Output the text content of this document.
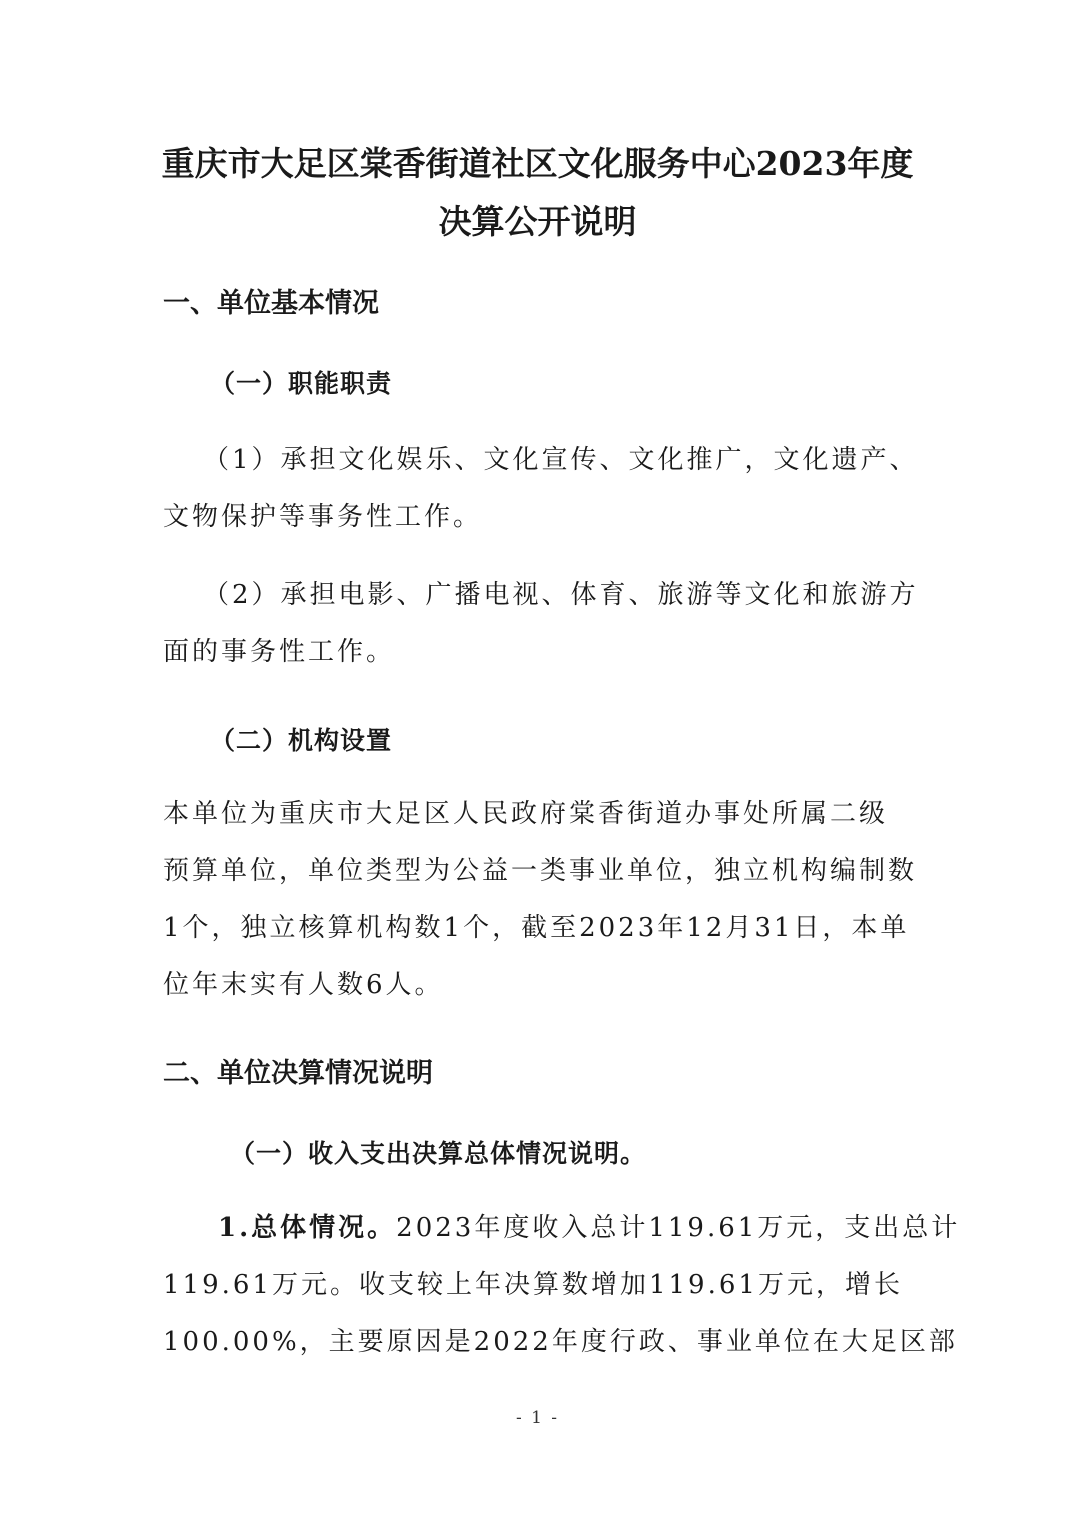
重庆市大足区棠香街道社区文化服务中心2023年度
决算公开说明
一、单位基本情况
（一）职能职责
（1）承担文化娱乐、文化宣传、文化推广，文化遗产、
文物保护等事务性工作。
（2）承担电影、广播电视、体育、旅游等文化和旅游方
面的事务性工作。
（二）机构设置
本单位为重庆市大足区人民政府棠香街道办事处所属二级
预算单位，单位类型为公益一类事业单位，独立机构编制数
1个，独立核算机构数1个，截至2023年12月31日，本单
位年末实有人数6人。
二、单位决算情况说明
（一）收入支出决算总体情况说明。
1.总体情况。2023年度收入总计119.61万元，支出总计
119.61万元。收支较上年决算数增加119.61万元，增长
100.00%，主要原因是2022年度行政、事业单位在大足区部
- 1 -
